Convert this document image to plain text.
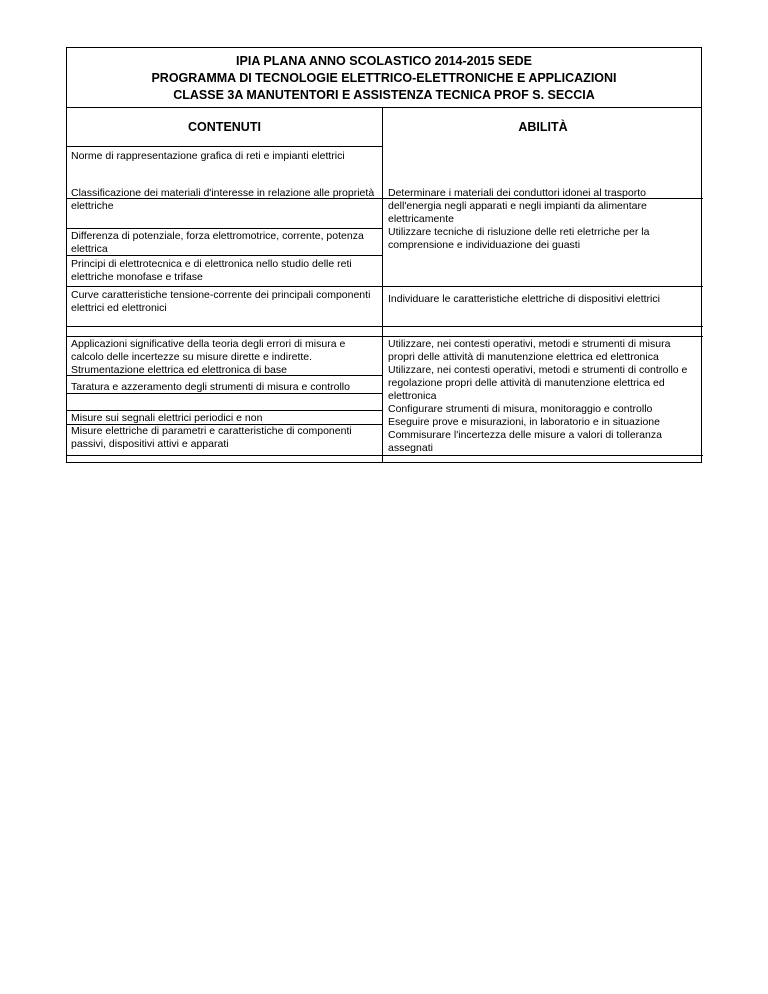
IPIA PLANA ANNO SCOLASTICO 2014-2015 SEDE
PROGRAMMA DI TECNOLOGIE ELETTRICO-ELETTRONICHE E APPLICAZIONI
CLASSE 3A MANUTENTORI E ASSISTENZA TECNICA PROF S. SECCIA
CONTENUTI	ABILITÀ
Norme di rappresentazione grafica di reti e impianti elettrici
Classificazione dei materiali d'interesse in relazione alle proprietà elettriche
Differenza di potenziale, forza elettromotrice, corrente, potenza elettrica
Principi di elettrotecnica e di elettronica nello studio delle reti elettriche monofase e trifase
Curve caratteristiche tensione-corrente dei principali componenti elettrici ed elettronici
Applicazioni significative della teoria degli errori di misura e calcolo delle incertezze su misure dirette e indirette.
Strumentazione elettrica ed elettronica di base
Taratura e azzeramento degli strumenti di misura e controllo
Misure sui segnali elettrici periodici e non
Misure elettriche di parametri e caratteristiche di componenti passivi, dispositivi attivi e apparati
Determinare i materiali dei conduttori idonei al trasporto dell'energia negli apparati e negli impianti da alimentare elettricamente
Utilizzare tecniche di risluzione delle reti eletrriche per la comprensione e individuazione dei guasti
Individuare le caratteristiche elettriche di dispositivi elettrici
Utilizzare, nei contesti operativi, metodi e strumenti di misura propri delle attività di manutenzione elettrica ed elettronica
Utilizzare, nei contesti operativi, metodi e strumenti di controllo e regolazione propri delle attività di manutenzione elettrica ed elettronica
Configurare strumenti di misura, monitoraggio e controllo
Eseguire prove e misurazioni, in laboratorio e in situazione
Commisurare l'incertezza delle misure a valori di tolleranza assegnati
